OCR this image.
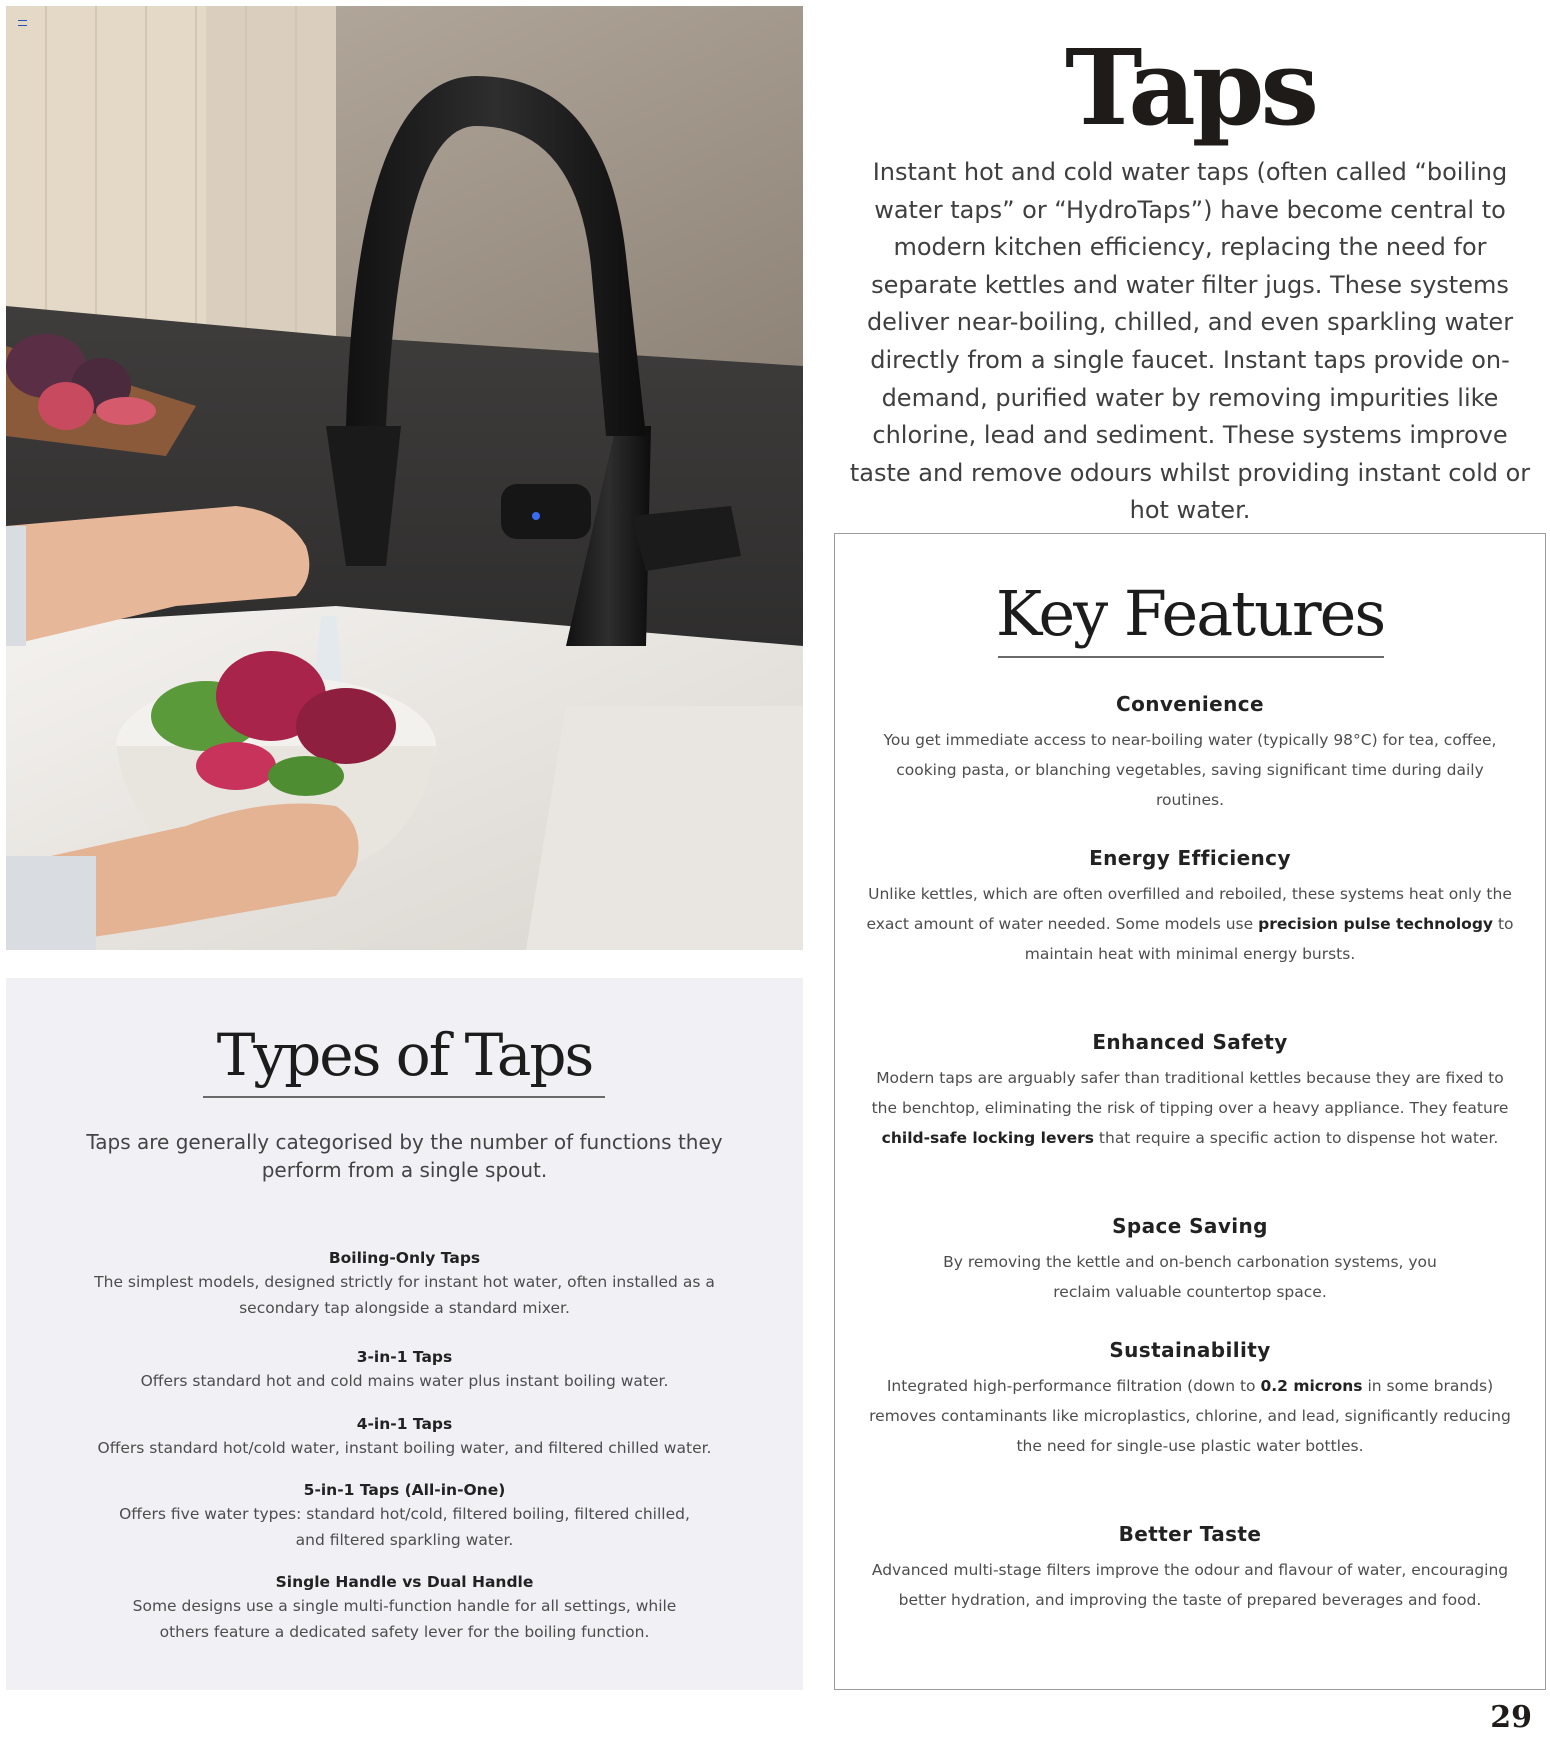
Taps
Instant hot and cold water taps (often called “boiling water taps” or “HydroTaps”) have become central to modern kitchen efficiency, replacing the need for separate kettles and water filter jugs. These systems deliver near-boiling, chilled, and even sparkling water directly from a single faucet. Instant taps provide on-demand, purified water by removing impurities like chlorine, lead and sediment. These systems improve taste and remove odours whilst providing instant cold or hot water.
Key Features
Convenience

You get immediate access to near-boiling water (typically 98°C) for tea, coffee, cooking pasta, or blanching vegetables, saving significant time during daily routines.

Energy Efficiency

Unlike kettles, which are often overfilled and reboiled, these systems heat only the exact amount of water needed. Some models use precision pulse technology to maintain heat with minimal energy bursts.

Enhanced Safety

Modern taps are arguably safer than traditional kettles because they are fixed to the benchtop, eliminating the risk of tipping over a heavy appliance. They feature child-safe locking levers that require a specific action to dispense hot water.

Space Saving

By removing the kettle and on-bench carbonation systems, you reclaim valuable countertop space.

Sustainability

Integrated high-performance filtration (down to 0.2 microns in some brands) removes contaminants like microplastics, chlorine, and lead, significantly reducing the need for single-use plastic water bottles.

Better Taste

Advanced multi-stage filters improve the odour and flavour of water, encouraging better hydration, and improving the taste of prepared beverages and food.

Types of Taps
Taps are generally categorised by the number of functions they perform from a single spout.
Boiling-Only Taps

The simplest models, designed strictly for instant hot water, often installed as a secondary tap alongside a standard mixer.

3-in-1 Taps

Offers standard hot and cold mains water plus instant boiling water.

4-in-1 Taps

Offers standard hot/cold water, instant boiling water, and filtered chilled water.

5-in-1 Taps (All-in-One)

Offers five water types: standard hot/cold, filtered boiling, filtered chilled, and filtered sparkling water.

Single Handle vs Dual Handle

Some designs use a single multi-function handle for all settings, while others feature a dedicated safety lever for the boiling function.

29
